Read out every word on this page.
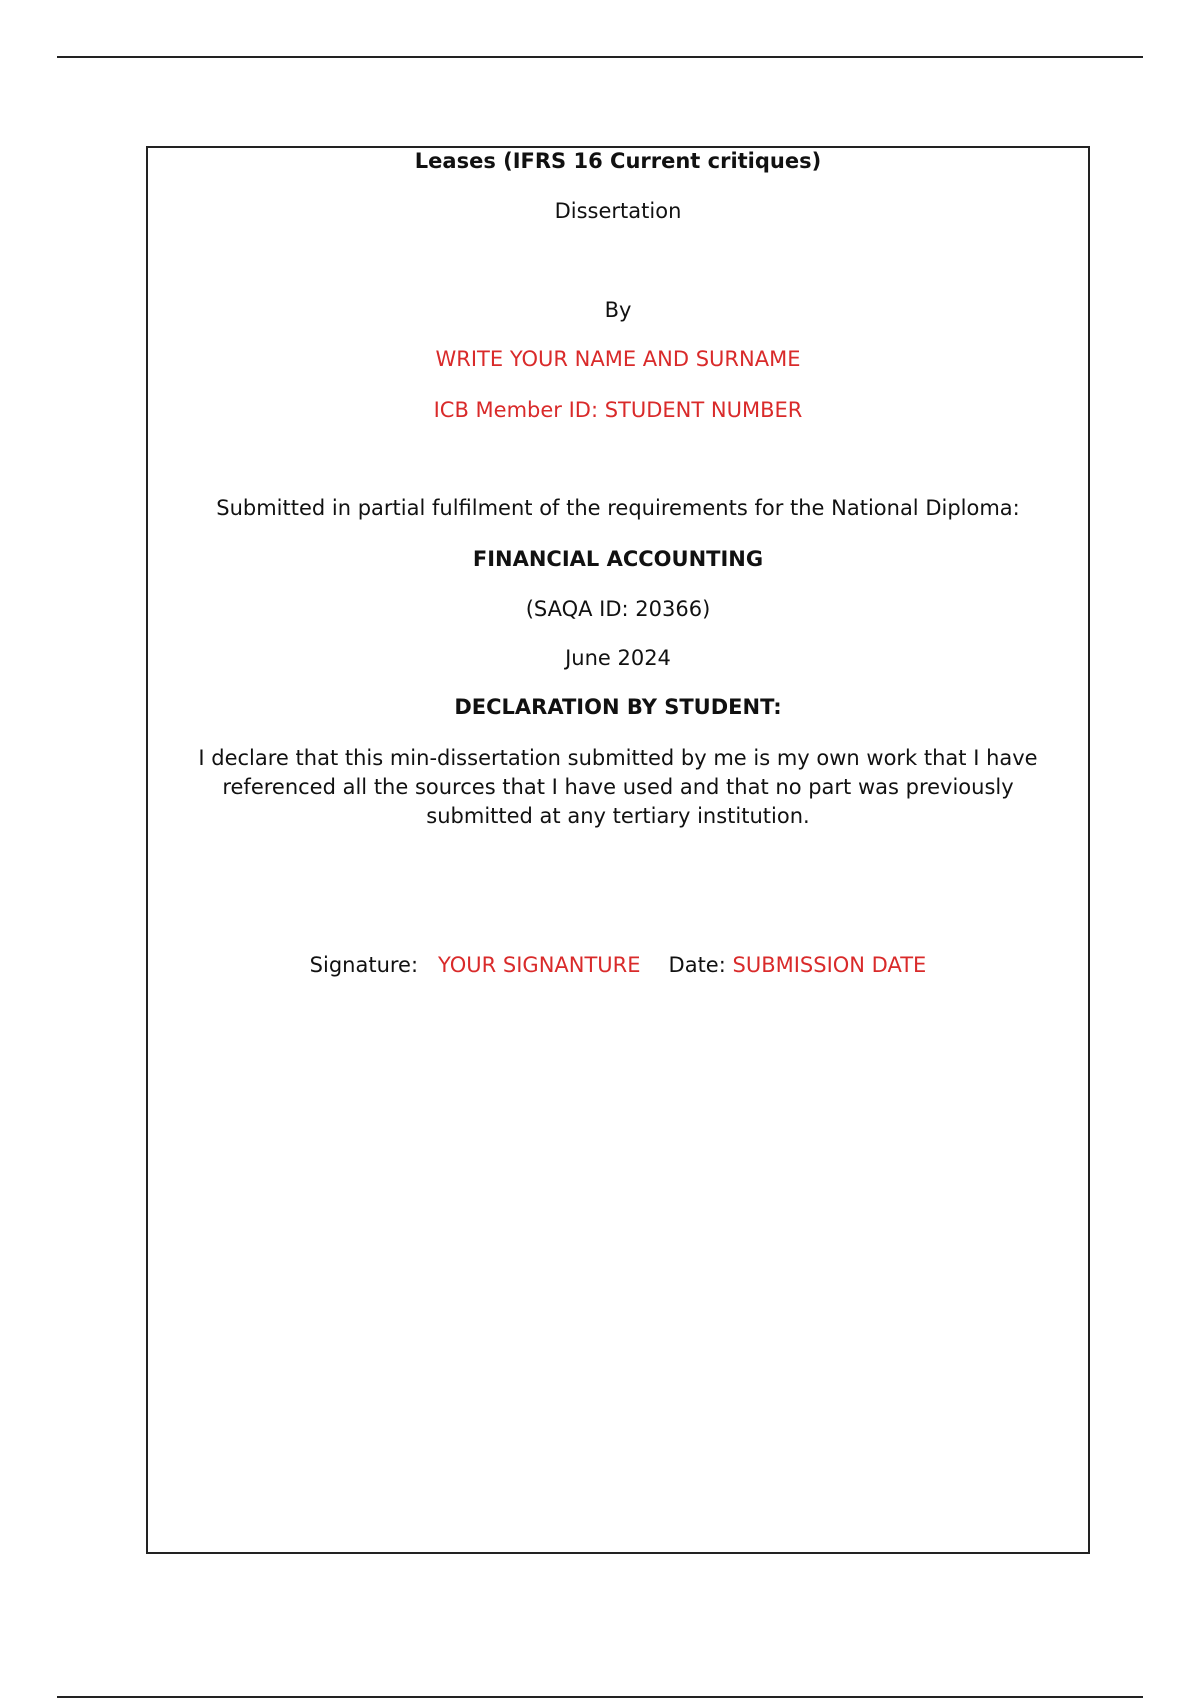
Leases (IFRS 16 Current critiques)
Dissertation
By
WRITE YOUR NAME AND SURNAME
ICB Member ID: STUDENT NUMBER
Submitted in partial fulfilment of the requirements for the National Diploma:
FINANCIAL ACCOUNTING
(SAQA ID: 20366)
June 2024
DECLARATION BY STUDENT:
I declare that this min-dissertation submitted by me is my own work that I have referenced all the sources that I have used and that no part was previously submitted at any tertiary institution.
Signature: YOUR SIGNANTURE Date: SUBMISSION DATE
